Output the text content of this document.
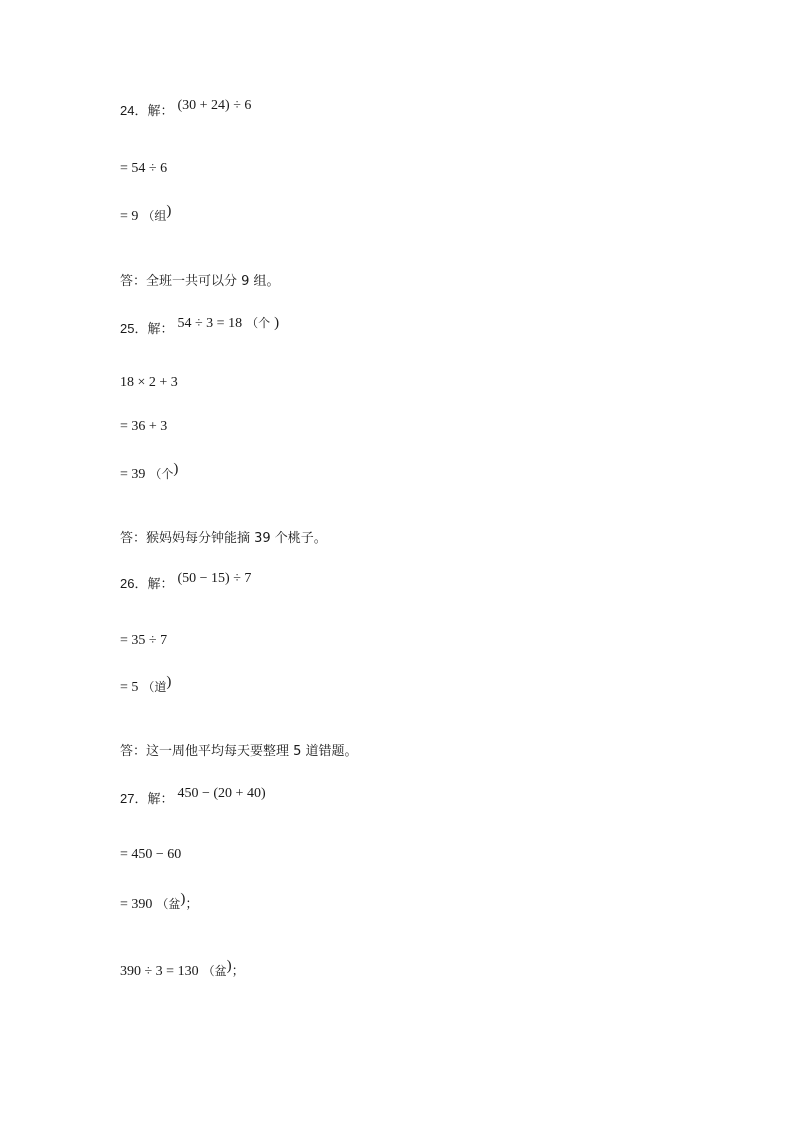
24．解： (30 + 24) ÷ 6
= 54 ÷ 6
= 9 （组)
答：全班一共可以分 9 组。
25．解： 54 ÷ 3 = 18 （个 )
18 × 2 + 3
= 36 + 3
= 39 （个)
答：猴妈妈每分钟能摘 39 个桃子。
26．解： (50 − 15) ÷ 7
= 35 ÷ 7
= 5 （道)
答：这一周他平均每天要整理 5 道错题。
27．解： 450 − (20 + 40)
= 450 − 60
= 390 （盆)；
390 ÷ 3 = 130 （盆)；
